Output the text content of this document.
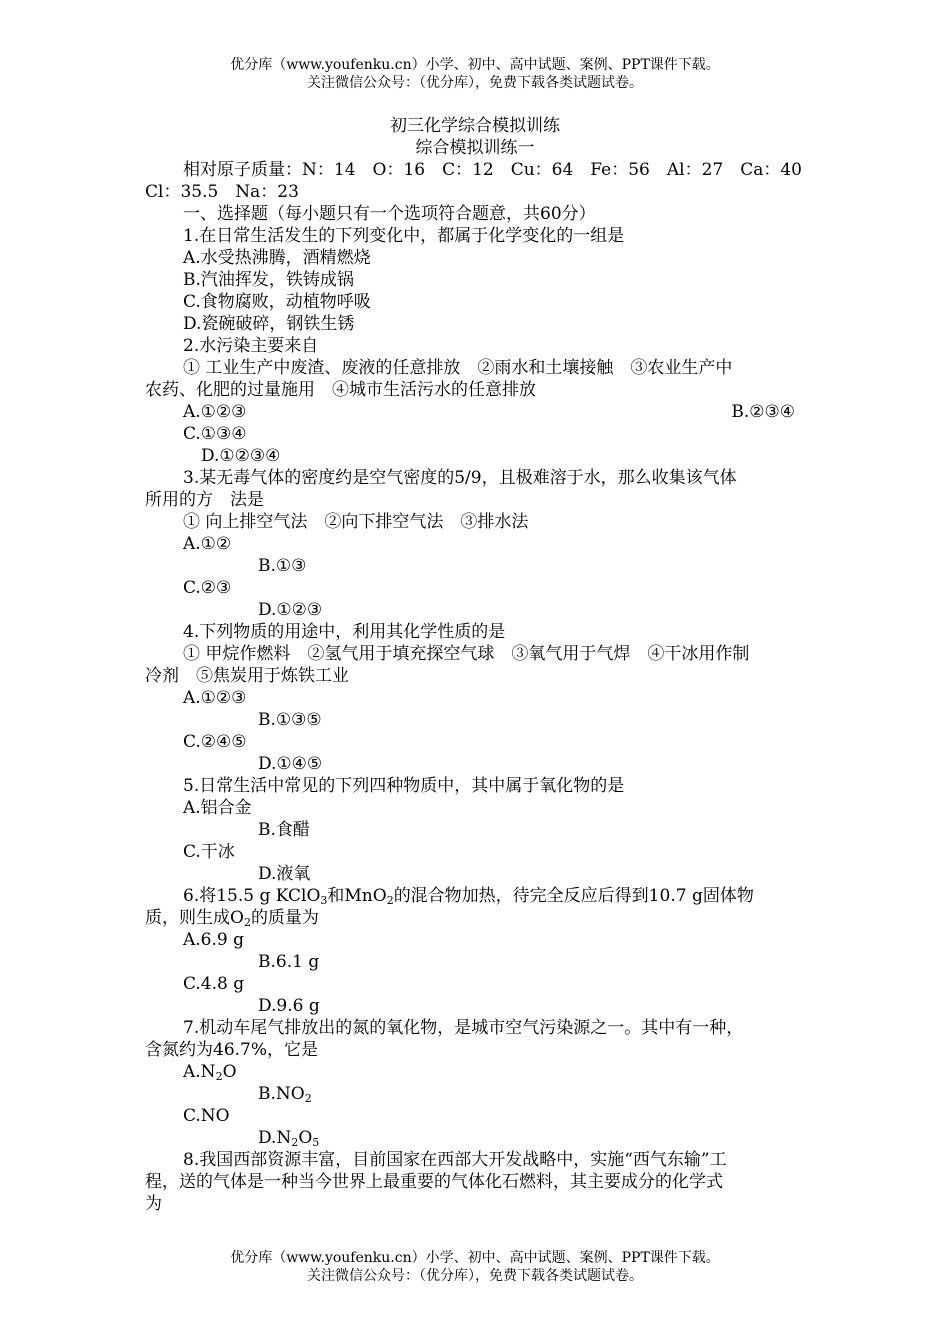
优分库（www.youfenku.cn）小学、初中、高中试题、案例、PPT课件下载。
关注微信公众号：（优分库），免费下载各类试题试卷。

初三化学综合模拟训练

综合模拟训练一

相对原子质量：N：14　O：16　C：12　Cu：64　Fe：56　Al：27　Ca：40

Cl：35.5　Na：23

一、选择题（每小题只有一个选项符合题意，共60分）

1.在日常生活发生的下列变化中，都属于化学变化的一组是

A.水受热沸腾，酒精燃烧

B.汽油挥发，铁铸成锅

C.食物腐败，动植物呼吸

D.瓷碗破碎，钢铁生锈

2.水污染主要来自

① 工业生产中废渣、废液的任意排放　②雨水和土壤接触　③农业生产中

农药、化肥的过量施用　④城市生活污水的任意排放

A.①②③	B.②③④

C.①③④

D.①②③④

3.某无毒气体的密度约是空气密度的5/9，且极难溶于水，那么收集该气体

所用的方　法是

① 向上排空气法　②向下排空气法　③排水法

A.①②

B.①③

C.②③

D.①②③

4.下列物质的用途中，利用其化学性质的是

① 甲烷作燃料　②氢气用于填充探空气球　③氧气用于气焊　④干冰用作制

冷剂　⑤焦炭用于炼铁工业

A.①②③

B.①③⑤

C.②④⑤

D.①④⑤

5.日常生活中常见的下列四种物质中，其中属于氧化物的是

A.铝合金

B.食醋

C.干冰

D.液氧

6.将15.5 g KClO$_3$和MnO$_2$的混合物加热，待完全反应后得到10.7 g固体物

质，则生成$O_2$的质量为

A.6.9 g

B.6.1 g

C.4.8 g

D.9.6 g

7.机动车尾气排放出的氮的氧化物，是城市空气污染源之一。其中有一种，

含氮约为46.7%，它是

$A.N_2O$

$B.NO_2$

C.NO

$D.N_2O_5$

8.我国西部资源丰富，目前国家在西部大开发战略中，实施“西气东输”工

程，送的气体是一种当今世界上最重要的气体化石燃料，其主要成分的化学式

为

优分库（www.youfenku.cn）小学、初中、高中试题、案例、PPT课件下载。
关注微信公众号：（优分库），免费下载各类试题试卷。
